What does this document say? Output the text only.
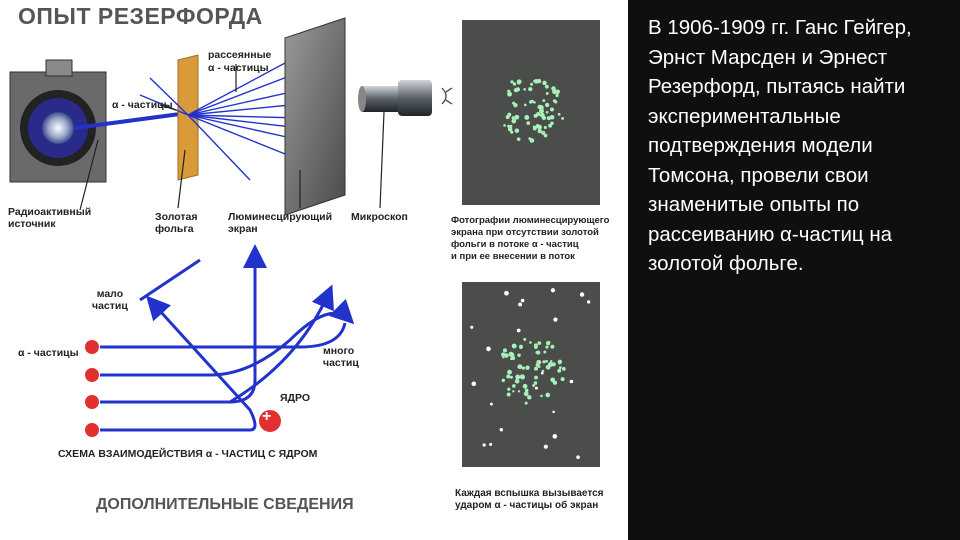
ОПЫТ РЕЗЕРФОРДА
рассеянные
α - частицы
α - частицы
Радиоактивный
источник
Золотая
фольга
Люминесцирующий
экран
Микроскоп	Фотографии люминесцирующего
экрана при отсутствии золотой
фольги в потоке α - частиц
и при ее внесении в поток
мало
частиц
много
частиц
α - частицы
ЯДРО
+
СХЕМА ВЗАИМОДЕЙСТВИЯ α - ЧАСТИЦ С ЯДРОМ
Каждая вспышка вызывается
ударом α - частицы об экран
ДОПОЛНИТЕЛЬНЫЕ СВЕДЕНИЯ
В 1906-1909 гг. Ганс Гейгер, Эрнст Марсден и Эрнест Резерфорд, пытаясь найти экспериментальные подтверждения модели Томсона, провели свои знаменитые опыты по рассеиванию α-частиц на золотой фольге.
